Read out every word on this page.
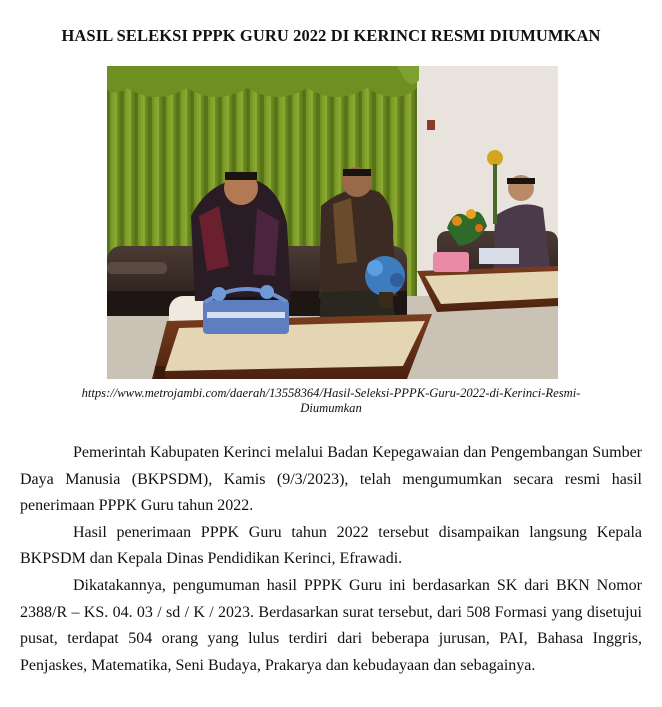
HASIL SELEKSI PPPK GURU 2022 DI KERINCI RESMI DIUMUMKAN
https://www.metrojambi.com/daerah/13558364/Hasil-Seleksi-PPPK-Guru-2022-di-Kerinci-Resmi-
Diumumkan

Pemerintah Kabupaten Kerinci melalui Badan Kepegawaian dan Pengembangan Sumber Daya Manusia (BKPSDM), Kamis (9/3/2023), telah mengumumkan secara resmi hasil penerimaan PPPK Guru tahun 2022.

Hasil penerimaan PPPK Guru tahun 2022 tersebut disampaikan langsung Kepala BKPSDM dan Kepala Dinas Pendidikan Kerinci, Efrawadi.

Dikatakannya, pengumuman hasil PPPK Guru ini berdasarkan SK dari BKN Nomor 2388/R – KS. 04. 03 / sd / K / 2023. Berdasarkan surat tersebut, dari 508 Formasi yang disetujui pusat, terdapat 504 orang yang lulus terdiri dari beberapa jurusan, PAI, Bahasa Inggris, Penjaskes, Matematika, Seni Budaya, Prakarya dan kebudayaan dan sebagainya.
